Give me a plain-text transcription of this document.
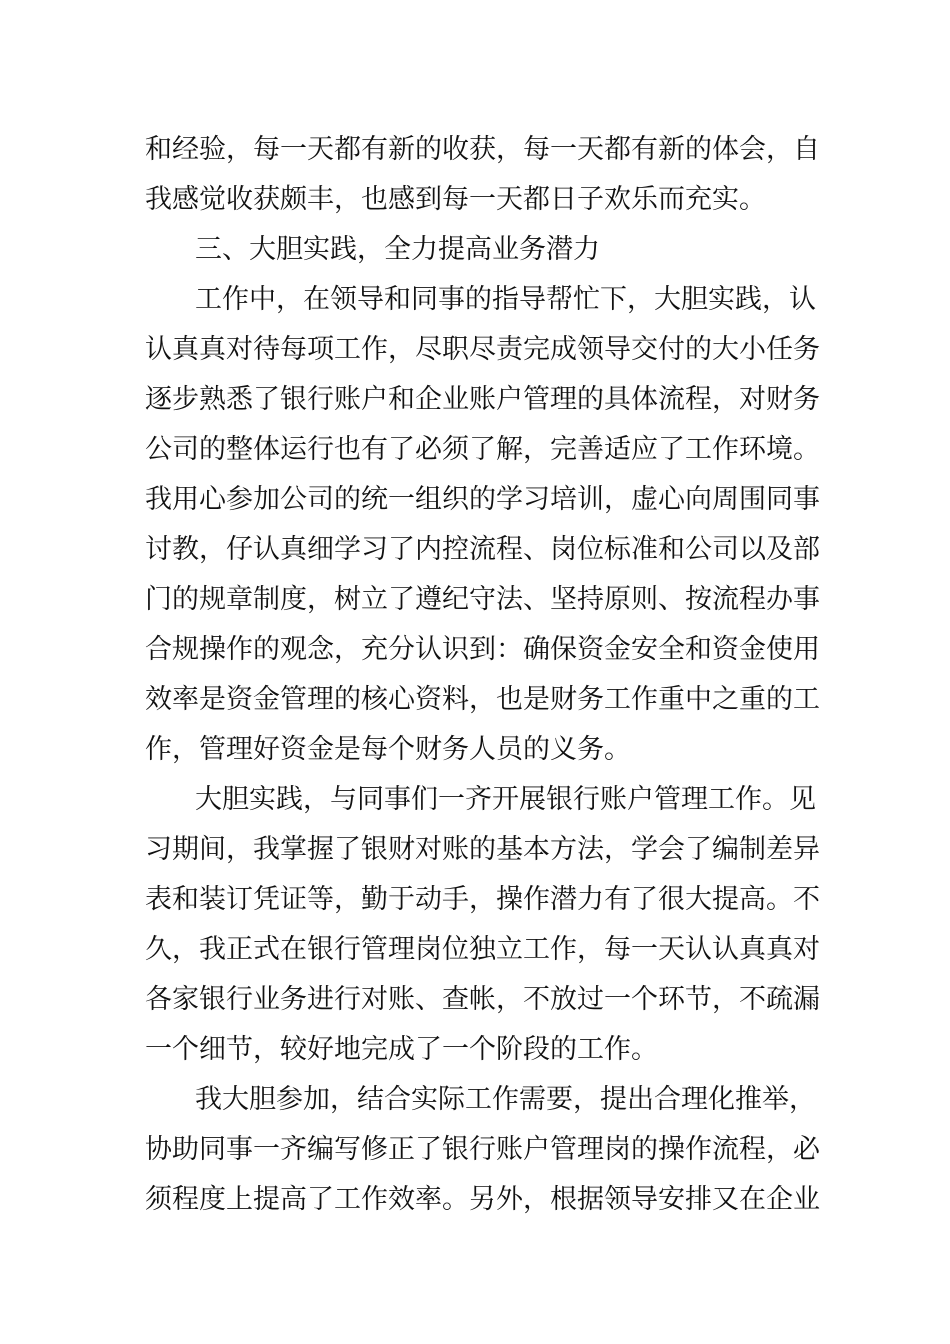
和经验，每一天都有新的收获，每一天都有新的体会，自
我感觉收获颇丰，也感到每一天都日子欢乐而充实。
三、大胆实践，全力提高业务潜力
工作中，在领导和同事的指导帮忙下，大胆实践，认
认真真对待每项工作，尽职尽责完成领导交付的大小任务
逐步熟悉了银行账户和企业账户管理的具体流程，对财务
公司的整体运行也有了必须了解，完善适应了工作环境。
我用心参加公司的统一组织的学习培训，虚心向周围同事
讨教，仔认真细学习了内控流程、岗位标准和公司以及部
门的规章制度，树立了遵纪守法、坚持原则、按流程办事
合规操作的观念，充分认识到：确保资金安全和资金使用
效率是资金管理的核心资料，也是财务工作重中之重的工
作，管理好资金是每个财务人员的义务。
大胆实践，与同事们一齐开展银行账户管理工作。见
习期间，我掌握了银财对账的基本方法，学会了编制差异
表和装订凭证等，勤于动手，操作潜力有了很大提高。不
久，我正式在银行管理岗位独立工作，每一天认认真真对
各家银行业务进行对账、查帐，不放过一个环节，不疏漏
一个细节，较好地完成了一个阶段的工作。
我大胆参加，结合实际工作需要，提出合理化推举，
协助同事一齐编写修正了银行账户管理岗的操作流程，必
须程度上提高了工作效率。另外，根据领导安排又在企业
